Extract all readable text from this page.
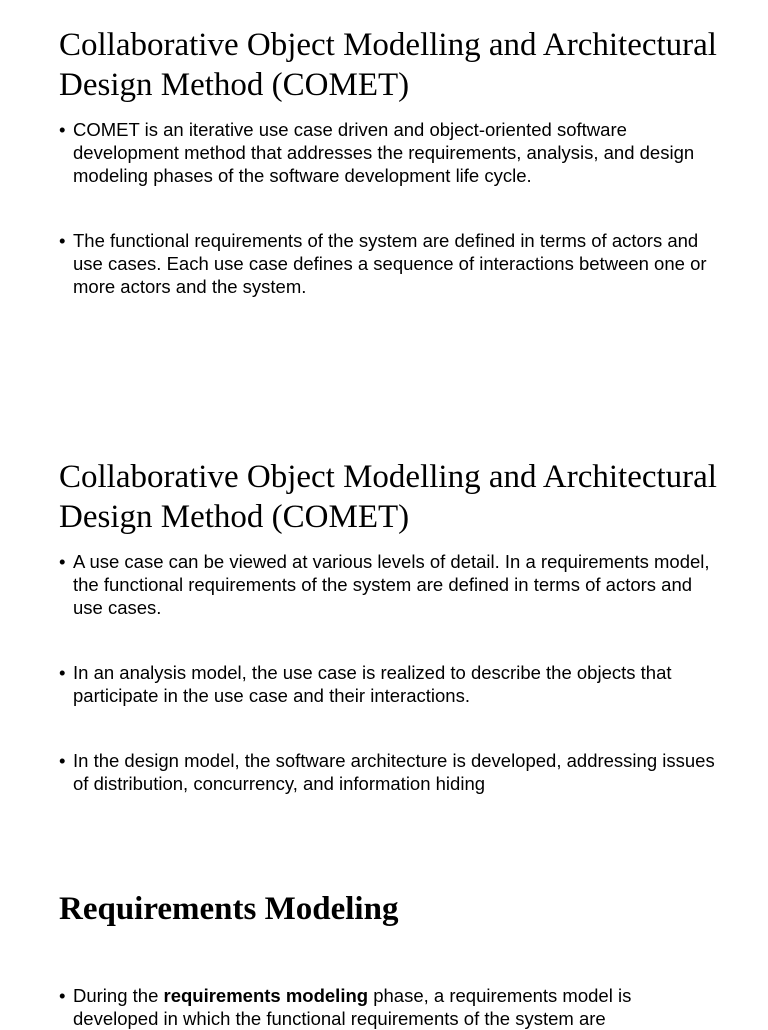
Collaborative Object Modelling and Architectural Design Method (COMET)
• COMET is an iterative use case driven and object-oriented software development method that addresses the requirements, analysis, and design modeling phases of the software development life cycle.
• The functional requirements of the system are defined in terms of actors and use cases. Each use case defines a sequence of interactions between one or more actors and the system.
Collaborative Object Modelling and Architectural Design Method (COMET)
• A use case can be viewed at various levels of detail. In a requirements model, the functional requirements of the system are defined in terms of actors and use cases.
• In an analysis model, the use case is realized to describe the objects that participate in the use case and their interactions.
• In the design model, the software architecture is developed, addressing issues of distribution, concurrency, and information hiding
Requirements Modeling
• During the requirements modeling phase, a requirements model is developed in which the functional requirements of the system are
